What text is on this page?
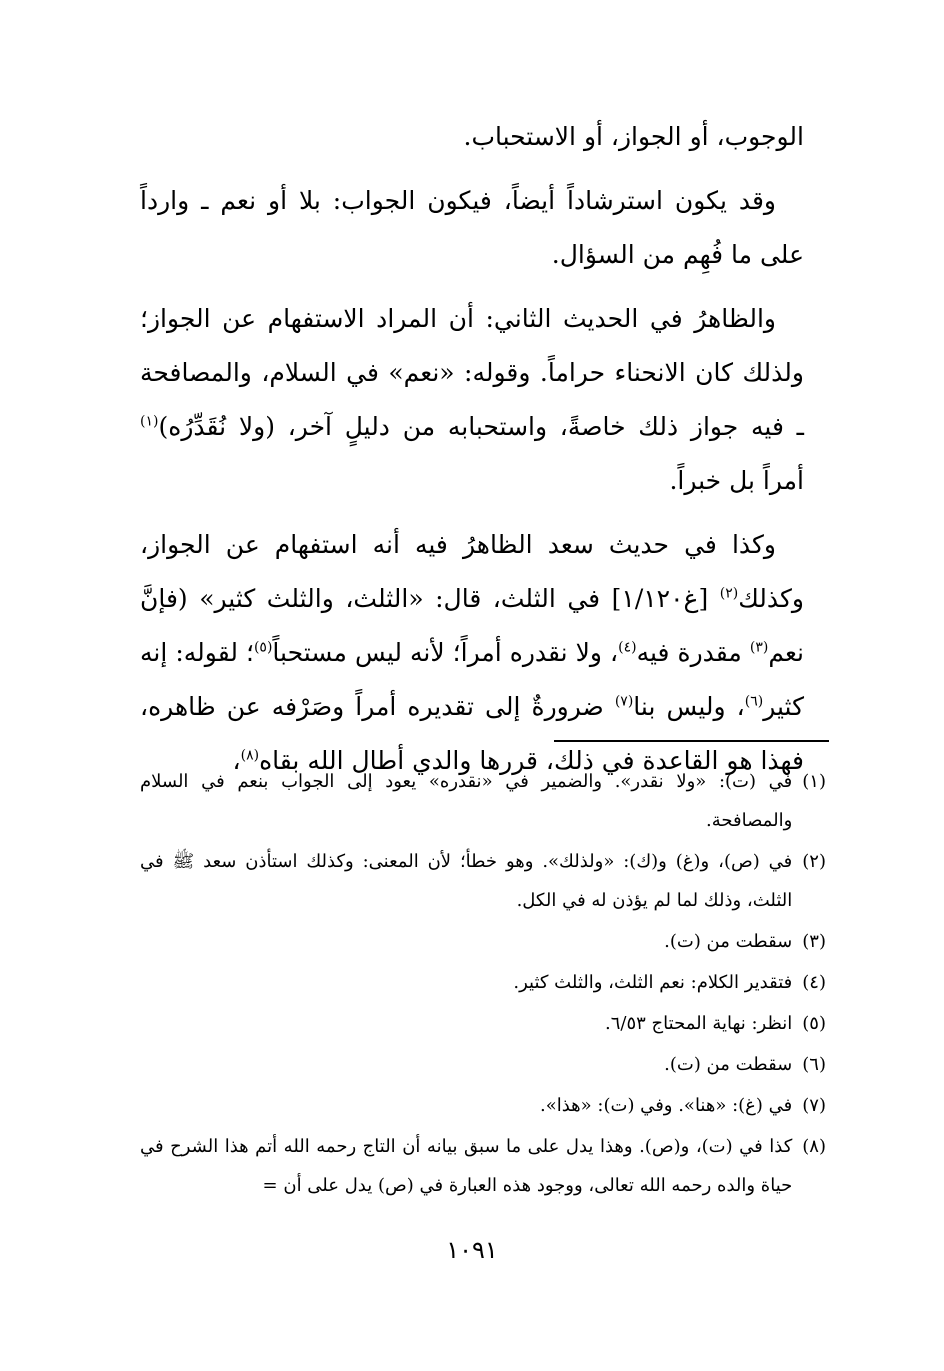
الوجوب، أو الجواز، أو الاستحباب.

وقد يكون استرشاداً أيضاً، فيكون الجواب: بلا أو نعم ـ وارداً على ما فُهِم من السؤال.

والظاهرُ في الحديث الثاني: أن المراد الاستفهام عن الجواز؛ ولذلك كان الانحناء حراماً. وقوله: «نعم» في السلام، والمصافحة ـ فيه جواز ذلك خاصةً، واستحبابه من دليلٍ آخر، (ولا نُقَدِّرُه)$^{(١)}$ أمراً بل خبراً.

وكذا في حديث سعد الظاهرُ فيه أنه استفهام عن الجواز، وكذلك$^{(٢)}$ [غ١/١٢٠] في الثلث، قال: «الثلث، والثلث كثير» (فإنَّ نعم$^{(٣)}$ مقدرة فيه$^{(٤)}$، ولا نقدره أمراً؛ لأنه ليس مستحباً$^{(٥)}$؛ لقوله: إنه كثير$^{(٦)}$، وليس بنا$^{(٧)}$ ضرورةٌ إلى تقديره أمراً وصَرْفه عن ظاهره، فهذا هو القاعدة في ذلك، قررها والدي أطال الله بقاه$^{(٨)}$،

(١)
في (ت): «ولا نقدر». والضمير في «نقدره» يعود إلى الجواب بنعم في السلام والمصافحة.
(٢)
في (ص)، و(غ) و(ك): «ولذلك». وهو خطأ؛ لأن المعنى: وكذلك استأذن سعد ﷺ في الثلث، وذلك لما لم يؤذن له في الكل.
(٣)
سقطت من (ت).
(٤)
فتقدير الكلام: نعم الثلث، والثلث كثير.
(٥)
انظر: نهاية المحتاج ٦/٥٣.
(٦)
سقطت من (ت).
(٧)
في (غ): «هنا». وفي (ت): «هذا».
(٨)
كذا في (ت)، و(ص). وهذا يدل على ما سبق بيانه أن التاج رحمه الله أتم هذا الشرح في حياة والده رحمه الله تعالى، ووجود هذه العبارة في (ص) يدل على أن =
١٠٩١
